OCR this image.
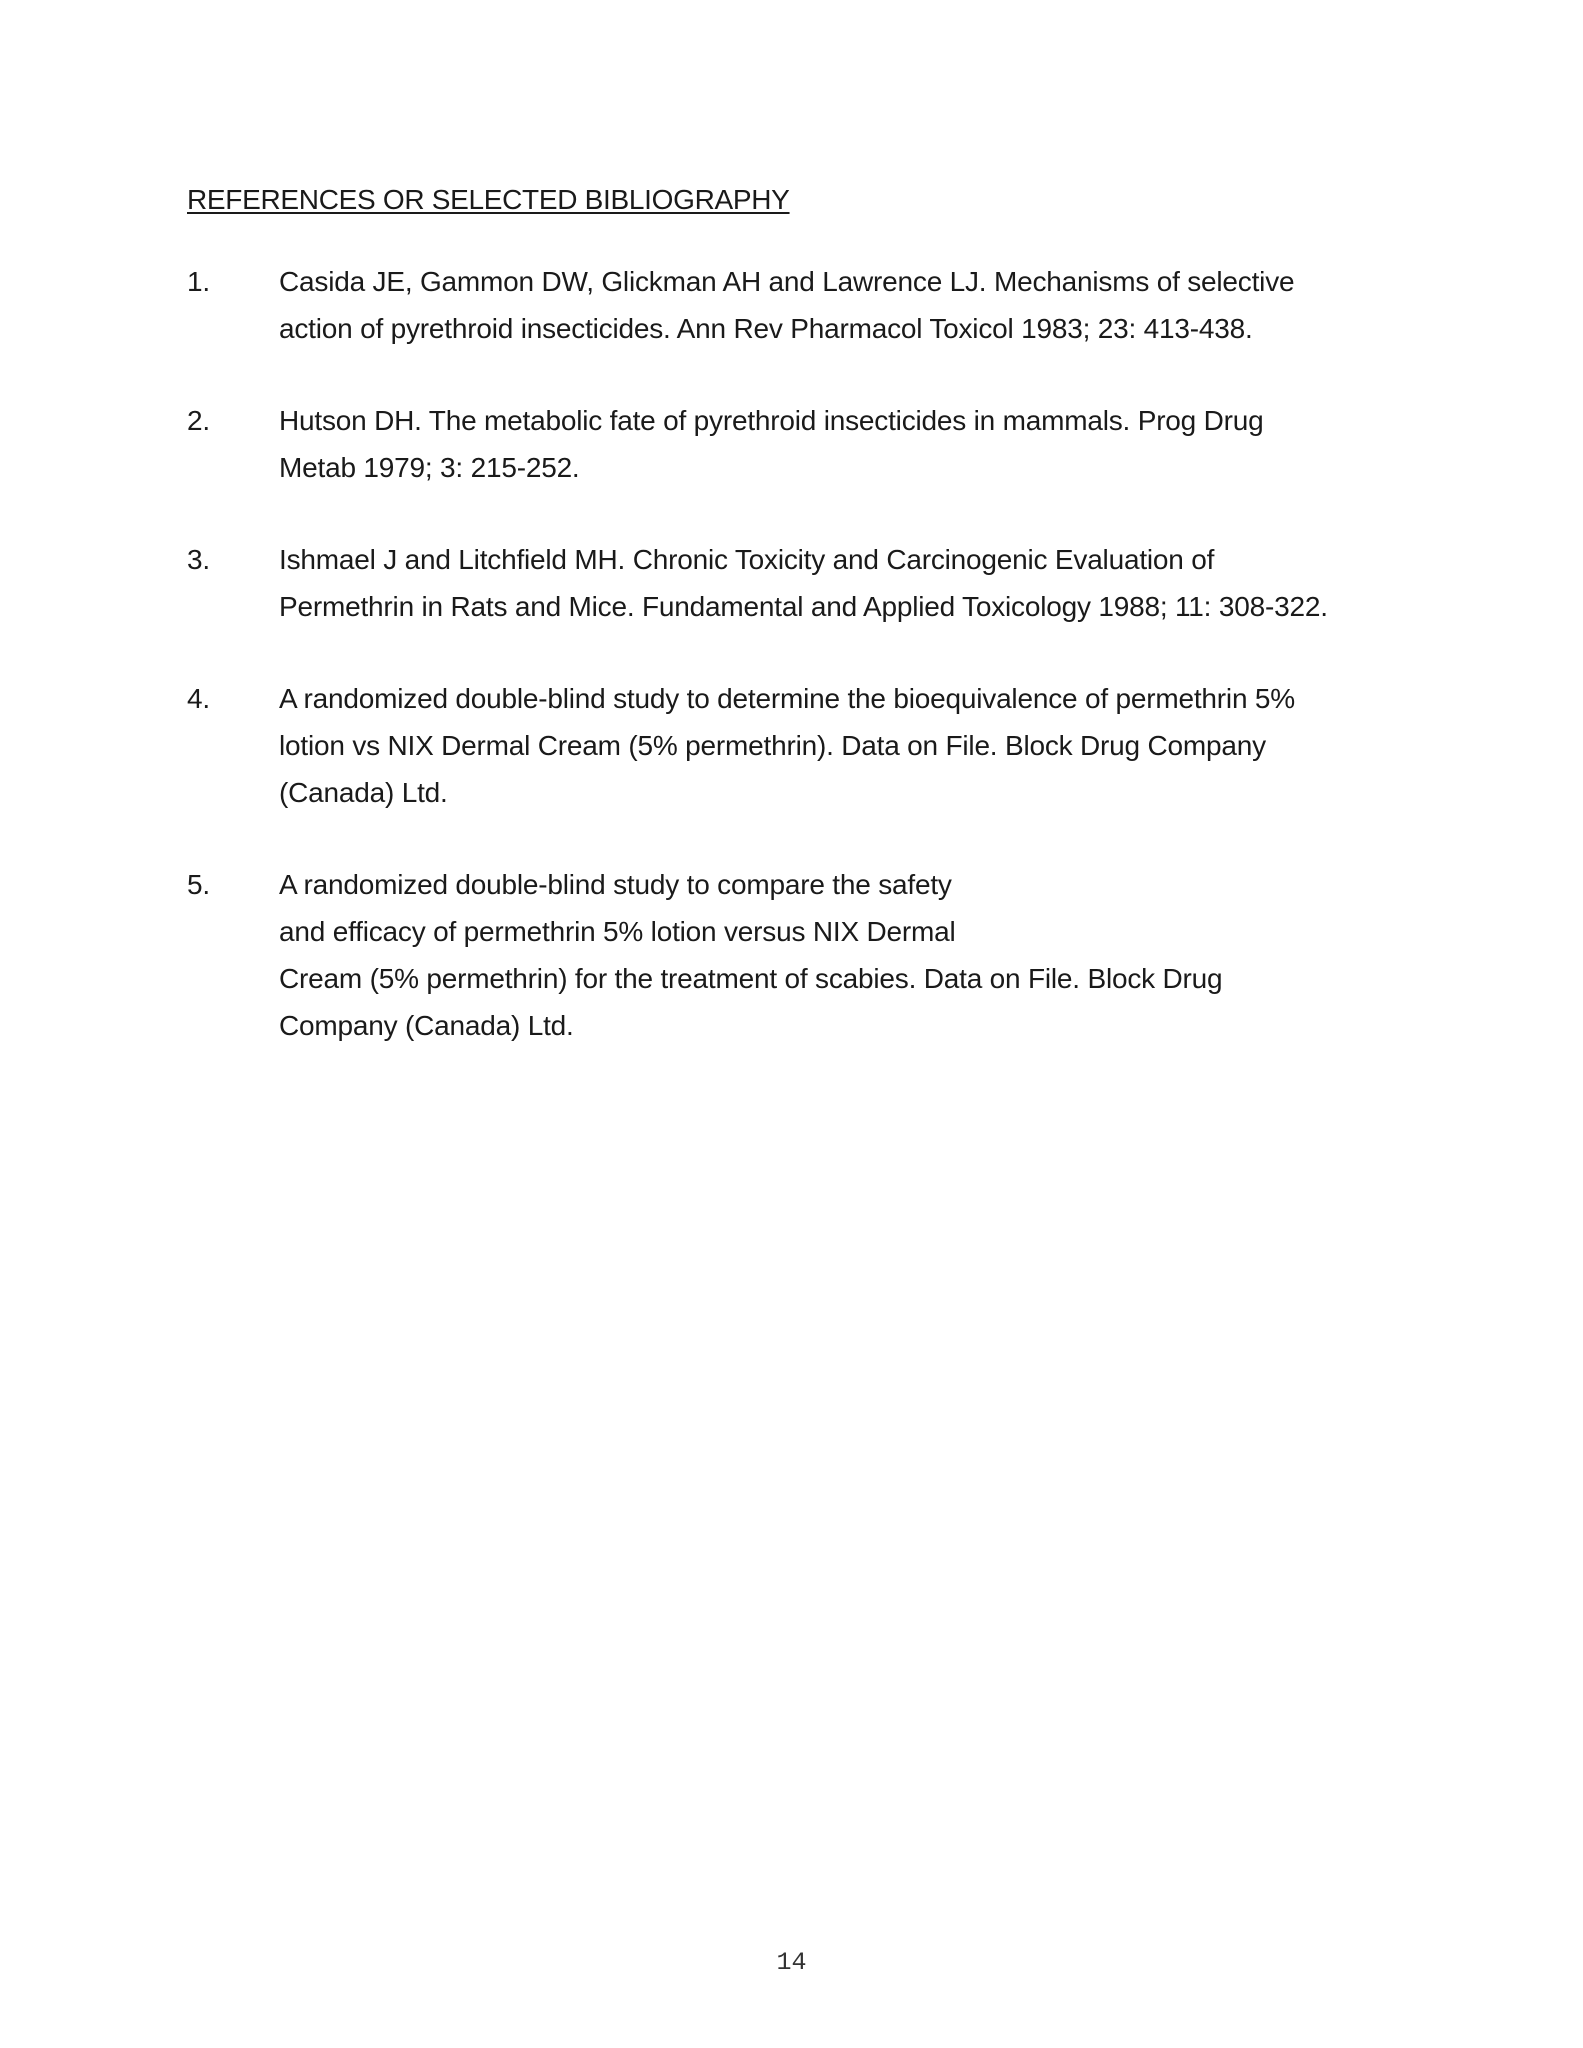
REFERENCES OR SELECTED BIBLIOGRAPHY
1.	Casida JE, Gammon DW, Glickman AH and Lawrence LJ. Mechanisms of selective
action of pyrethroid insecticides. Ann Rev Pharmacol Toxicol 1983; 23: 413-438.
2.	Hutson DH. The metabolic fate of pyrethroid insecticides in mammals. Prog Drug
Metab 1979; 3: 215-252.
3.	Ishmael J and Litchfield MH. Chronic Toxicity and Carcinogenic Evaluation of
Permethrin in Rats and Mice. Fundamental and Applied Toxicology 1988; 11: 308-322.
4.	A randomized double-blind study to determine the bioequivalence of permethrin 5%
lotion vs NIX Dermal Cream (5% permethrin). Data on File. Block Drug Company
(Canada) Ltd.
5.	A randomized double-blind study to compare the safety
and efficacy of permethrin 5% lotion versus NIX Dermal
Cream (5% permethrin) for the treatment of scabies. Data on File. Block Drug
Company (Canada) Ltd.
14
